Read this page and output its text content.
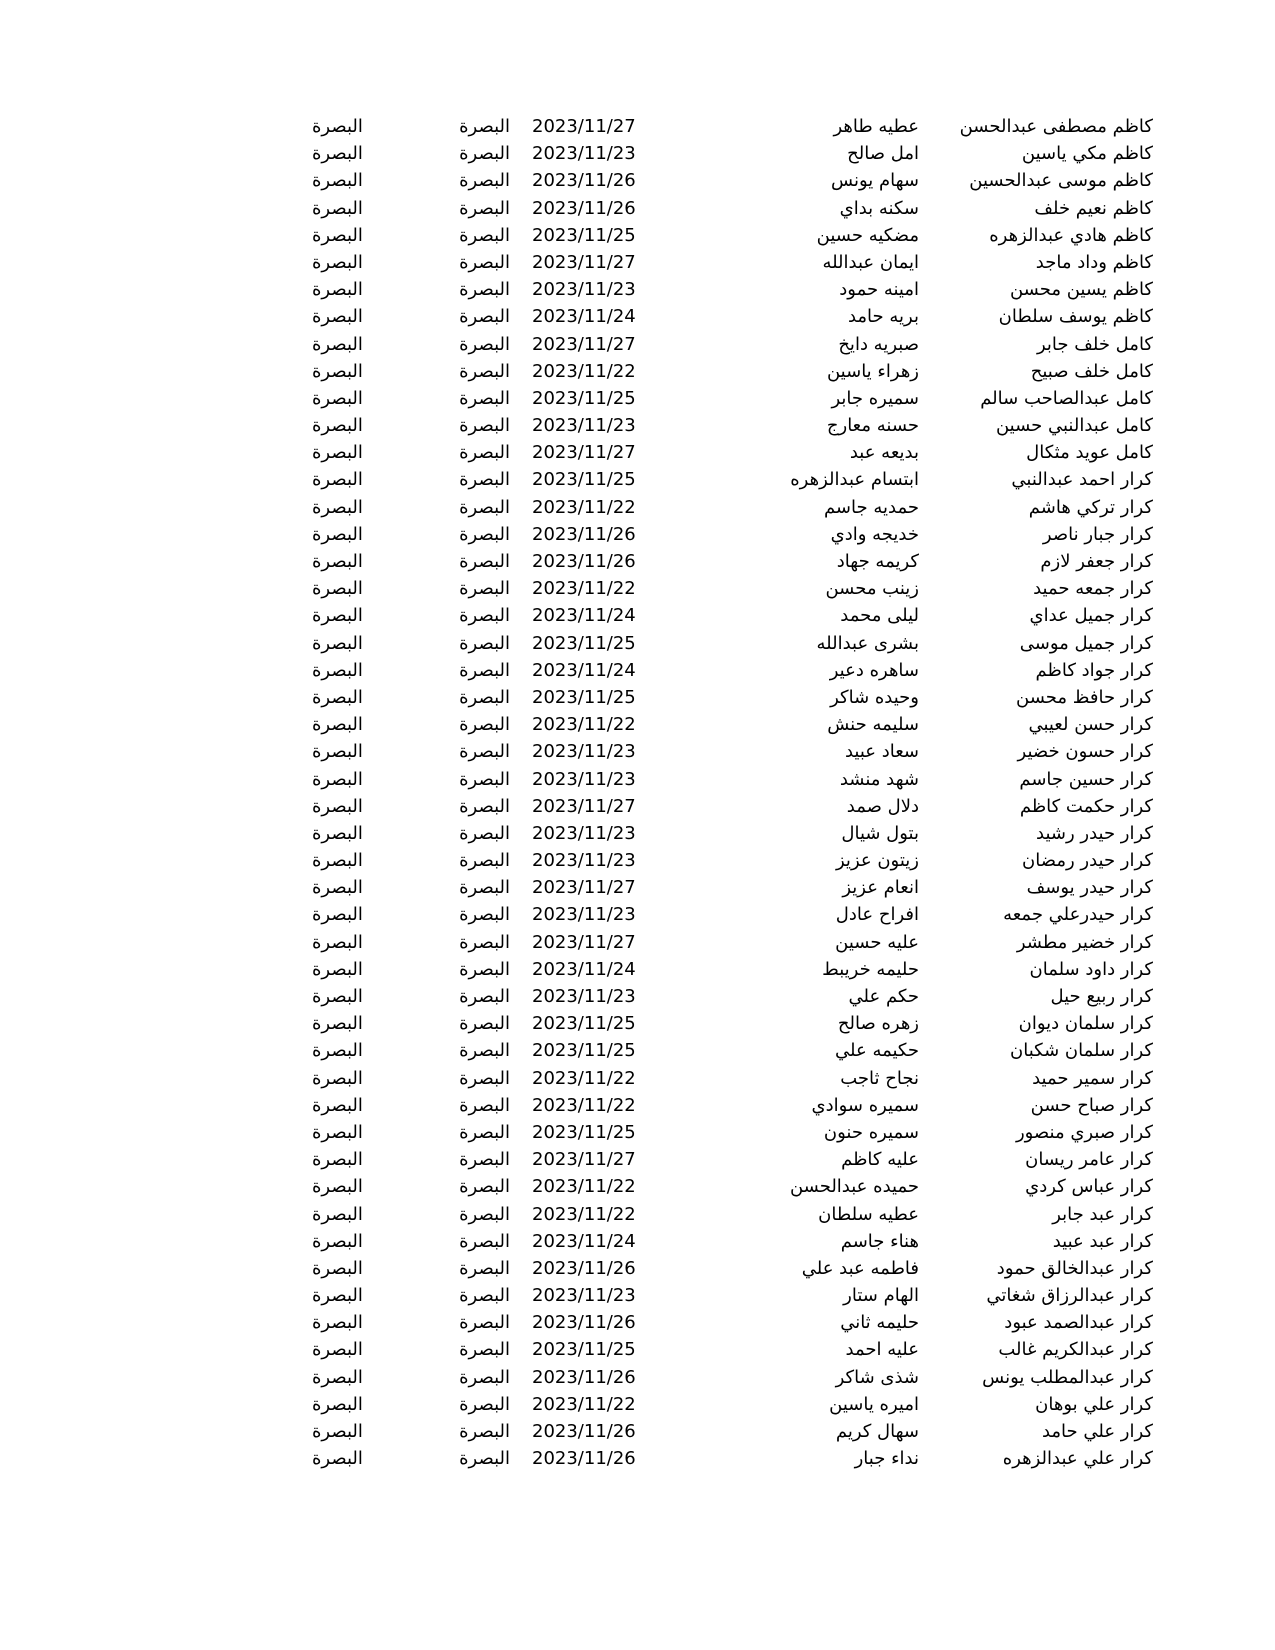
كاظم مصطفى عبدالحسن
عطيه طاهر
2023/11/27
البصرة
البصرة
كاظم مكي ياسين
امل صالح
2023/11/23
البصرة
البصرة
كاظم موسى عبدالحسين
سهام يونس
2023/11/26
البصرة
البصرة
كاظم نعيم خلف
سكنه بداي
2023/11/26
البصرة
البصرة
كاظم هادي عبدالزهره
مضكيه حسين
2023/11/25
البصرة
البصرة
كاظم وداد ماجد
ايمان عبدالله
2023/11/27
البصرة
البصرة
كاظم يسين محسن
امينه حمود
2023/11/23
البصرة
البصرة
كاظم يوسف سلطان
بريه حامد
2023/11/24
البصرة
البصرة
كامل خلف جابر
صبريه دايخ
2023/11/27
البصرة
البصرة
كامل خلف صبيح
زهراء ياسين
2023/11/22
البصرة
البصرة
كامل عبدالصاحب سالم
سميره جابر
2023/11/25
البصرة
البصرة
كامل عبدالنبي حسين
حسنه معارج
2023/11/23
البصرة
البصرة
كامل عويد مثكال
بديعه عبد
2023/11/27
البصرة
البصرة
كرار احمد عبدالنبي
ابتسام عبدالزهره
2023/11/25
البصرة
البصرة
كرار تركي هاشم
حمديه جاسم
2023/11/22
البصرة
البصرة
كرار جبار ناصر
خديجه وادي
2023/11/26
البصرة
البصرة
كرار جعفر لازم
كريمه جهاد
2023/11/26
البصرة
البصرة
كرار جمعه حميد
زينب محسن
2023/11/22
البصرة
البصرة
كرار جميل عداي
ليلى محمد
2023/11/24
البصرة
البصرة
كرار جميل موسى
بشرى عبدالله
2023/11/25
البصرة
البصرة
كرار جواد كاظم
ساهره دعير
2023/11/24
البصرة
البصرة
كرار حافظ محسن
وحيده شاكر
2023/11/25
البصرة
البصرة
كرار حسن لعيبي
سليمه حنش
2023/11/22
البصرة
البصرة
كرار حسون خضير
سعاد عبيد
2023/11/23
البصرة
البصرة
كرار حسين جاسم
شهد منشد
2023/11/23
البصرة
البصرة
كرار حكمت كاظم
دلال صمد
2023/11/27
البصرة
البصرة
كرار حيدر رشيد
بتول شيال
2023/11/23
البصرة
البصرة
كرار حيدر رمضان
زيتون عزيز
2023/11/23
البصرة
البصرة
كرار حيدر يوسف
انعام عزيز
2023/11/27
البصرة
البصرة
كرار حيدرعلي جمعه
افراح عادل
2023/11/23
البصرة
البصرة
كرار خضير مطشر
عليه حسين
2023/11/27
البصرة
البصرة
كرار داود سلمان
حليمه خريبط
2023/11/24
البصرة
البصرة
كرار ربيع حيل
حكم علي
2023/11/23
البصرة
البصرة
كرار سلمان ديوان
زهره صالح
2023/11/25
البصرة
البصرة
كرار سلمان شكبان
حكيمه علي
2023/11/25
البصرة
البصرة
كرار سمير حميد
نجاح ثاجب
2023/11/22
البصرة
البصرة
كرار صباح حسن
سميره سوادي
2023/11/22
البصرة
البصرة
كرار صبري منصور
سميره حنون
2023/11/25
البصرة
البصرة
كرار عامر ريسان
عليه كاظم
2023/11/27
البصرة
البصرة
كرار عباس كردي
حميده عبدالحسن
2023/11/22
البصرة
البصرة
كرار عبد جابر
عطيه سلطان
2023/11/22
البصرة
البصرة
كرار عبد عبيد
هناء جاسم
2023/11/24
البصرة
البصرة
كرار عبدالخالق حمود
فاطمه عبد علي
2023/11/26
البصرة
البصرة
كرار عبدالرزاق شغاتي
الهام ستار
2023/11/23
البصرة
البصرة
كرار عبدالصمد عبود
حليمه ثاني
2023/11/26
البصرة
البصرة
كرار عبدالكريم غالب
عليه احمد
2023/11/25
البصرة
البصرة
كرار عبدالمطلب يونس
شذى شاكر
2023/11/26
البصرة
البصرة
كرار علي بوهان
اميره ياسين
2023/11/22
البصرة
البصرة
كرار علي حامد
سهال كريم
2023/11/26
البصرة
البصرة
كرار علي عبدالزهره
نداء جبار
2023/11/26
البصرة
البصرة
